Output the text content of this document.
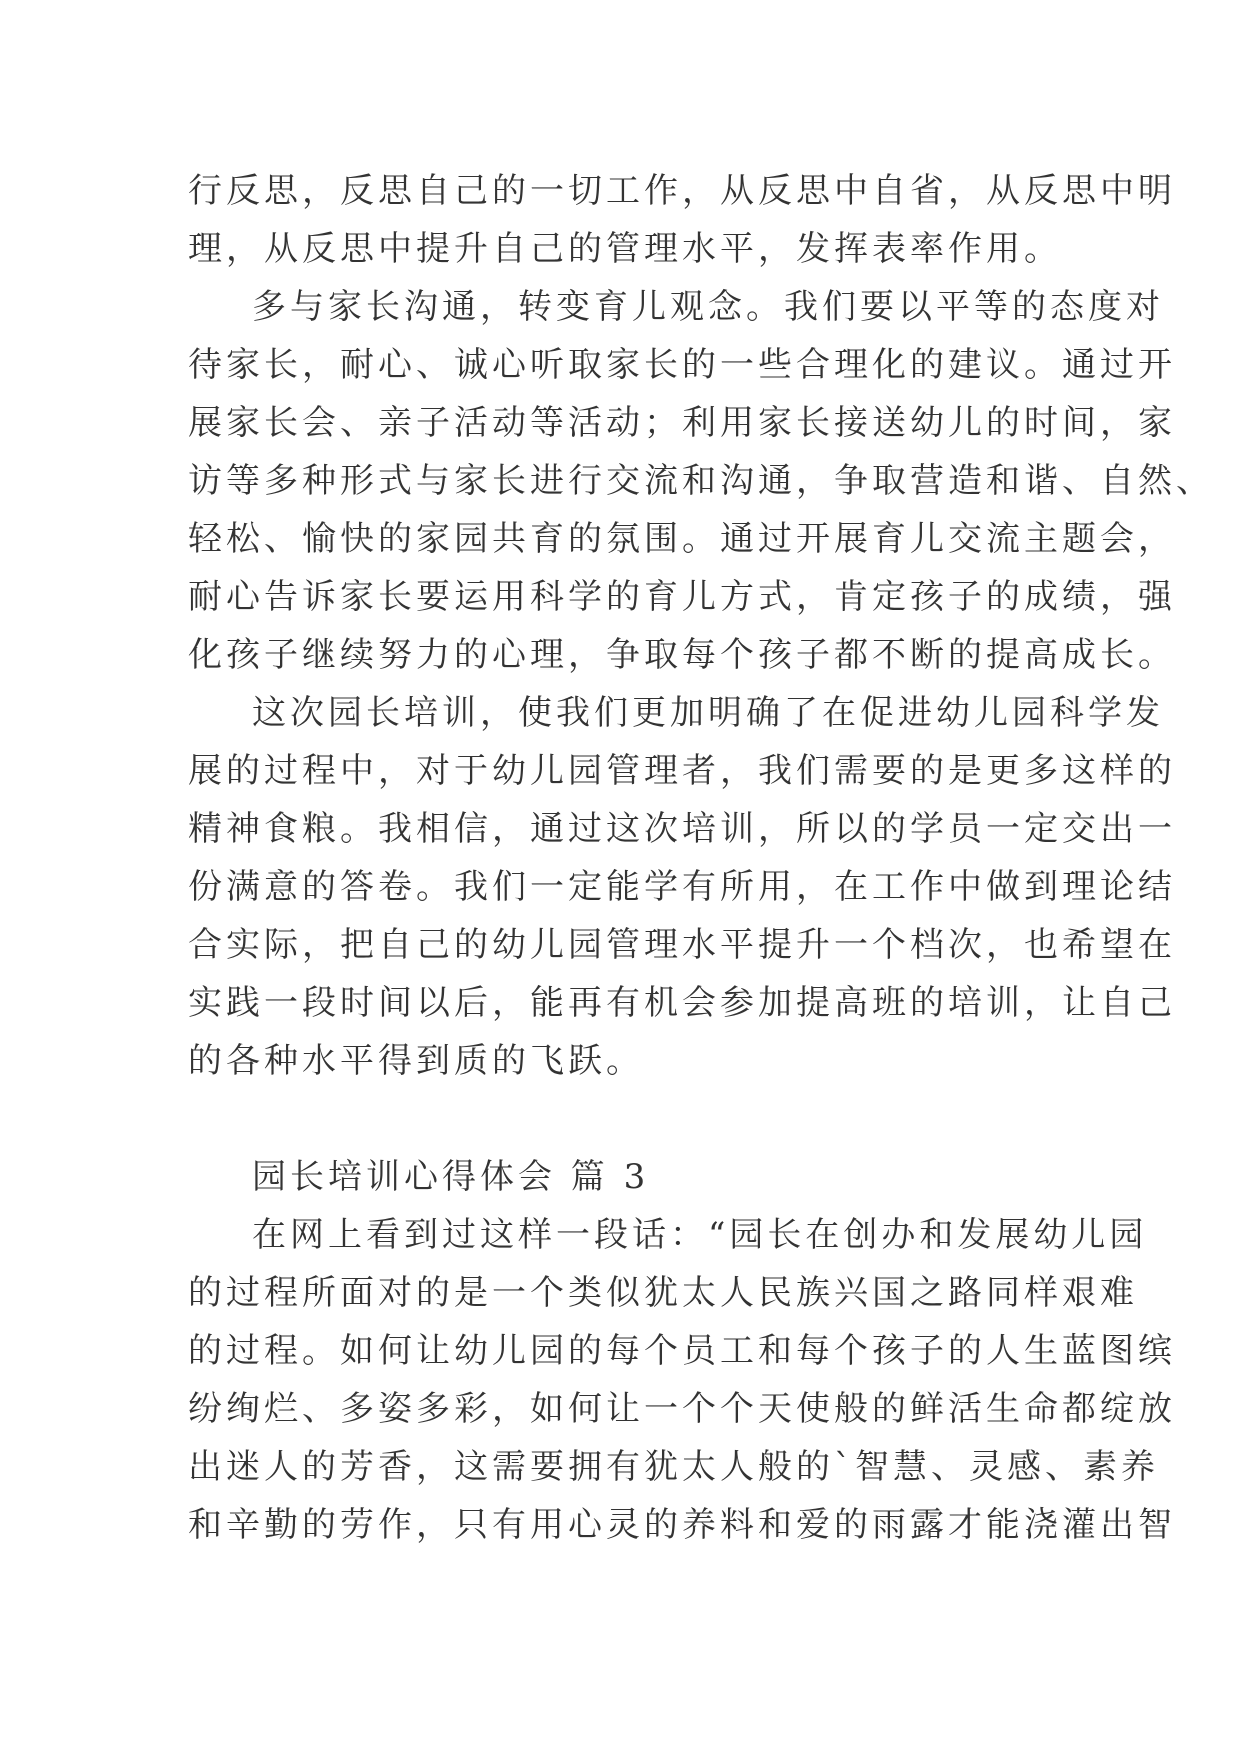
行反思，反思自己的一切工作，从反思中自省，从反思中明
理，从反思中提升自己的管理水平，发挥表率作用。
多与家长沟通，转变育儿观念。我们要以平等的态度对
待家长，耐心、诚心听取家长的一些合理化的建议。通过开
展家长会、亲子活动等活动；利用家长接送幼儿的时间，家
访等多种形式与家长进行交流和沟通，争取营造和谐、自然、
轻松、愉快的家园共育的氛围。通过开展育儿交流主题会，
耐心告诉家长要运用科学的育儿方式，肯定孩子的成绩，强
化孩子继续努力的心理，争取每个孩子都不断的提高成长。
这次园长培训，使我们更加明确了在促进幼儿园科学发
展的过程中，对于幼儿园管理者，我们需要的是更多这样的
精神食粮。我相信，通过这次培训，所以的学员一定交出一
份满意的答卷。我们一定能学有所用，在工作中做到理论结
合实际，把自己的幼儿园管理水平提升一个档次，也希望在
实践一段时间以后，能再有机会参加提高班的培训，让自己
的各种水平得到质的飞跃。
园长培训心得体会 篇 3
在网上看到过这样一段话：“园长在创办和发展幼儿园
的过程所面对的是一个类似犹太人民族兴国之路同样艰难
的过程。如何让幼儿园的每个员工和每个孩子的人生蓝图缤
纷绚烂、多姿多彩，如何让一个个天使般的鲜活生命都绽放
出迷人的芳香，这需要拥有犹太人般的`智慧、灵感、素养
和辛勤的劳作，只有用心灵的养料和爱的雨露才能浇灌出智
